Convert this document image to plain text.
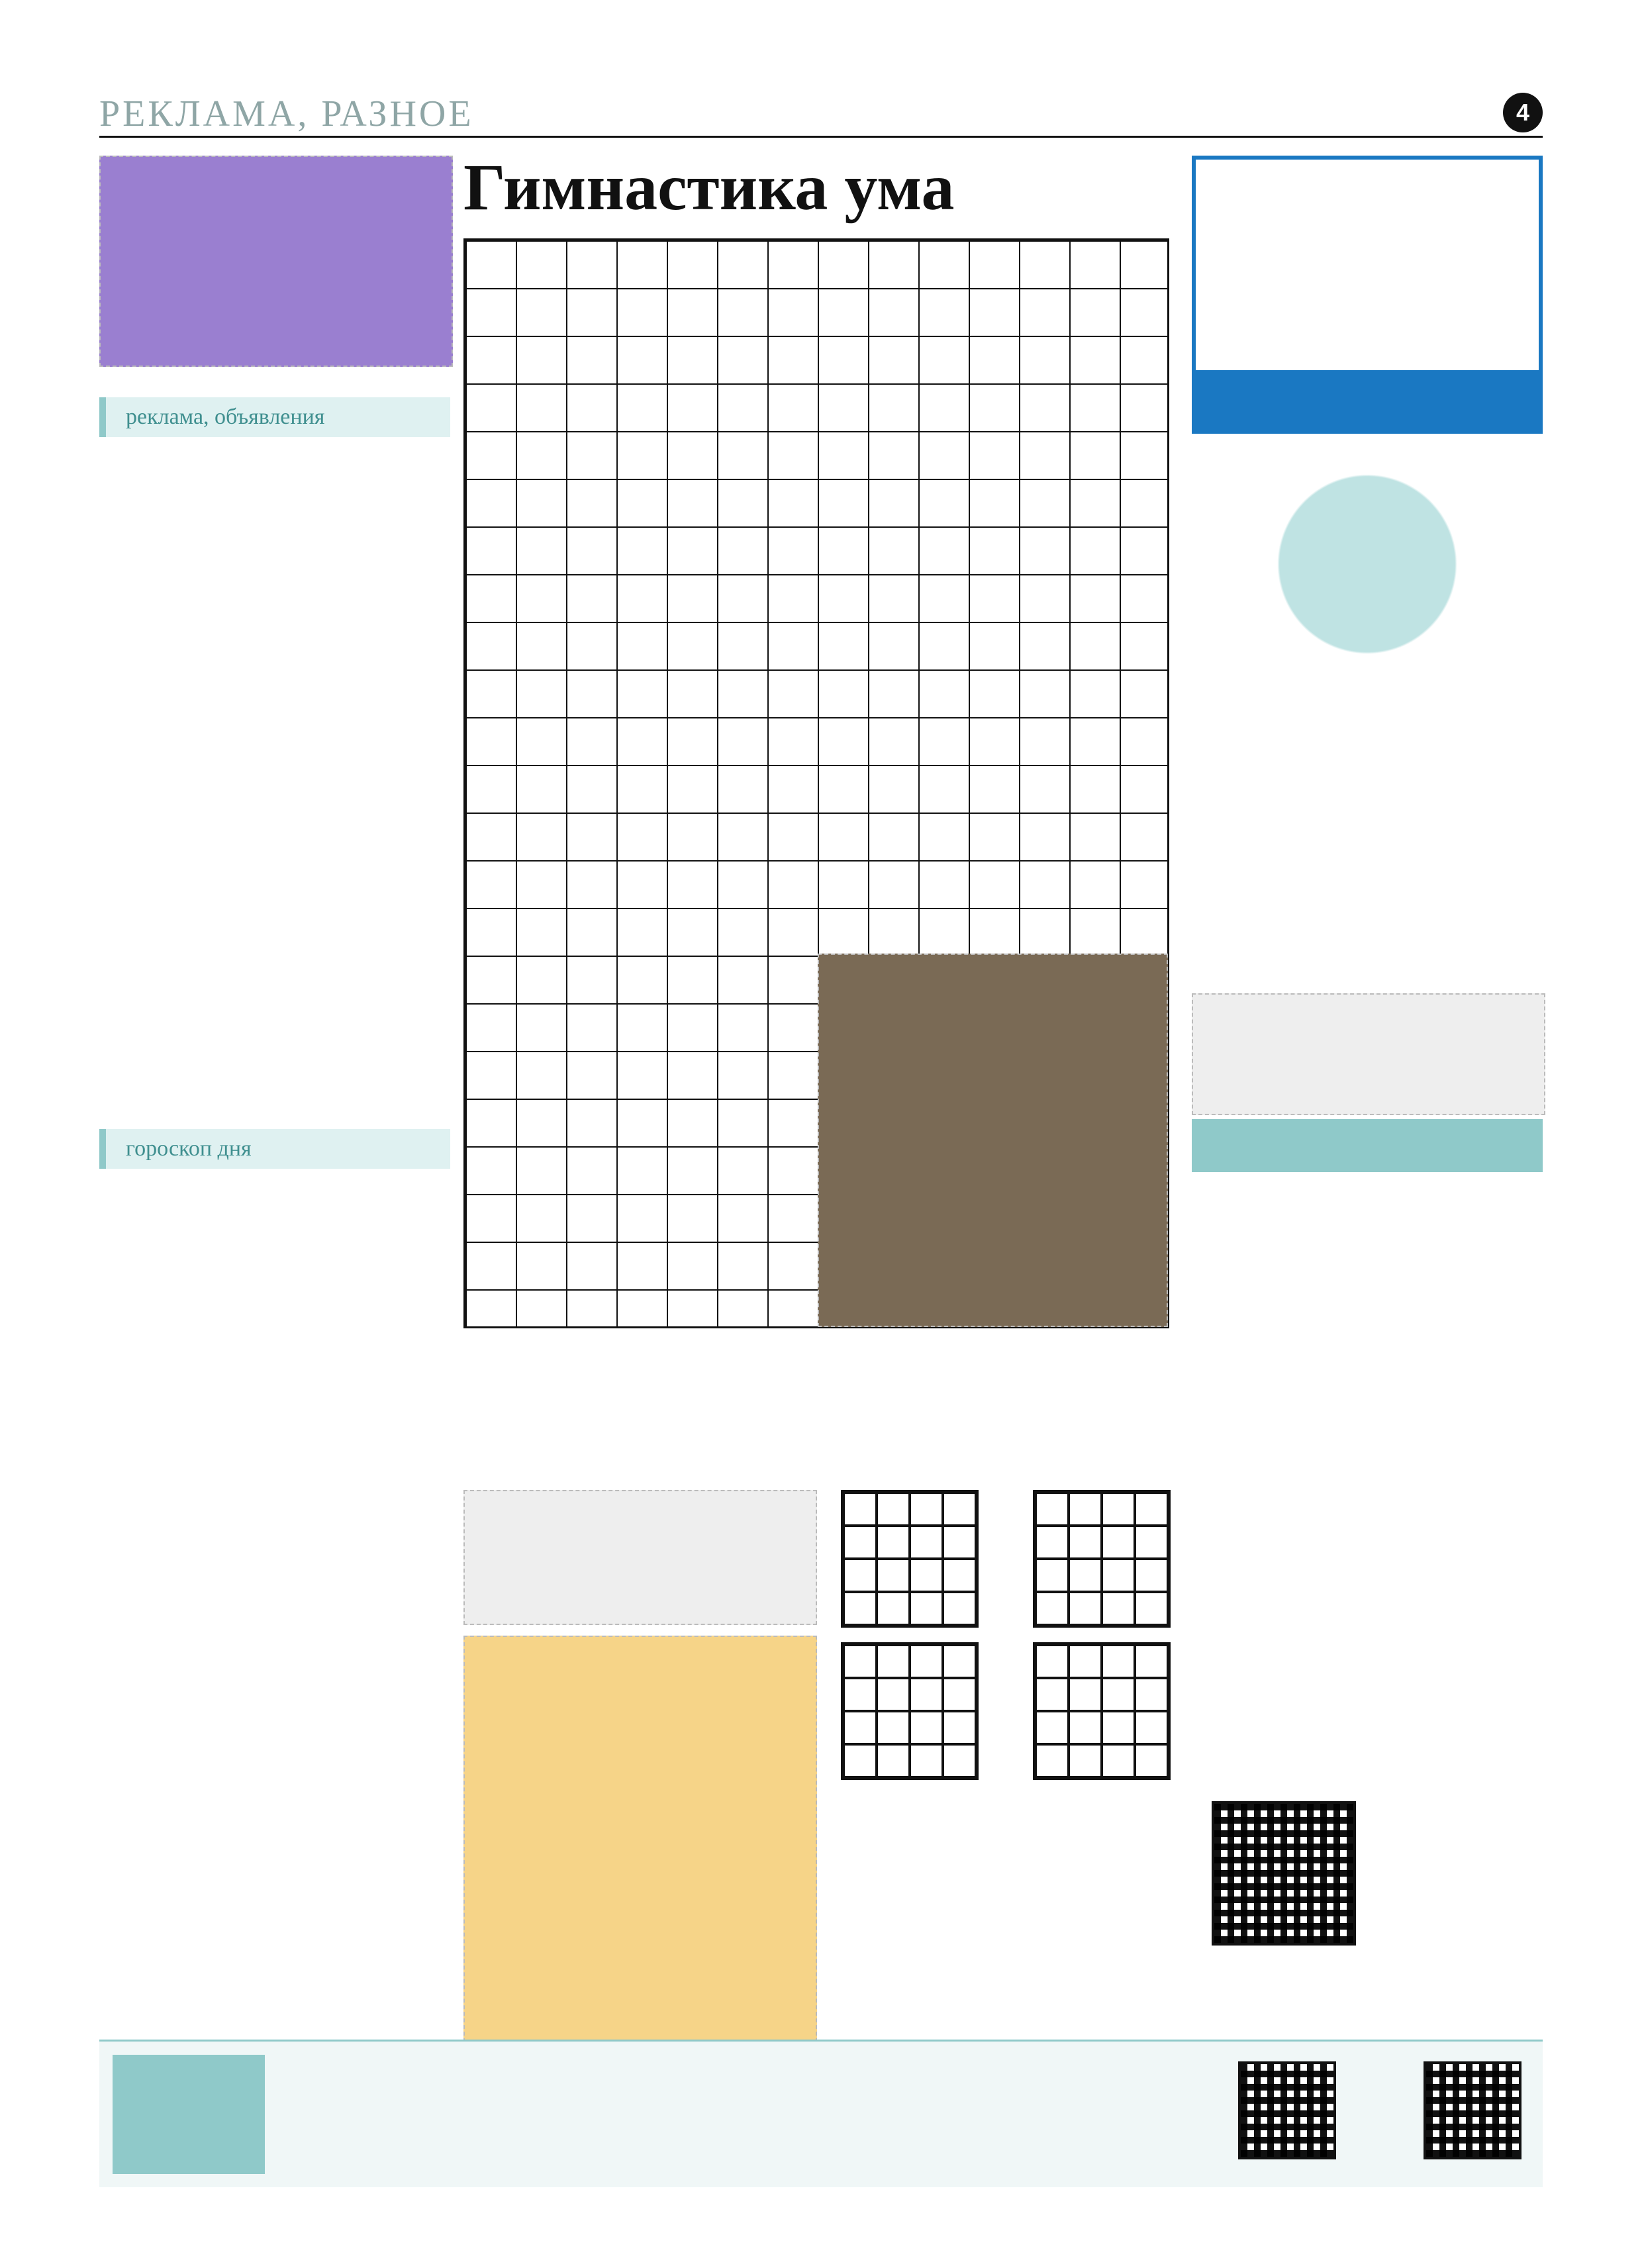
РЕКЛАМА, РАЗНОЕ	4
реклама, объявления
гороскоп дня
Гимнастика ума
